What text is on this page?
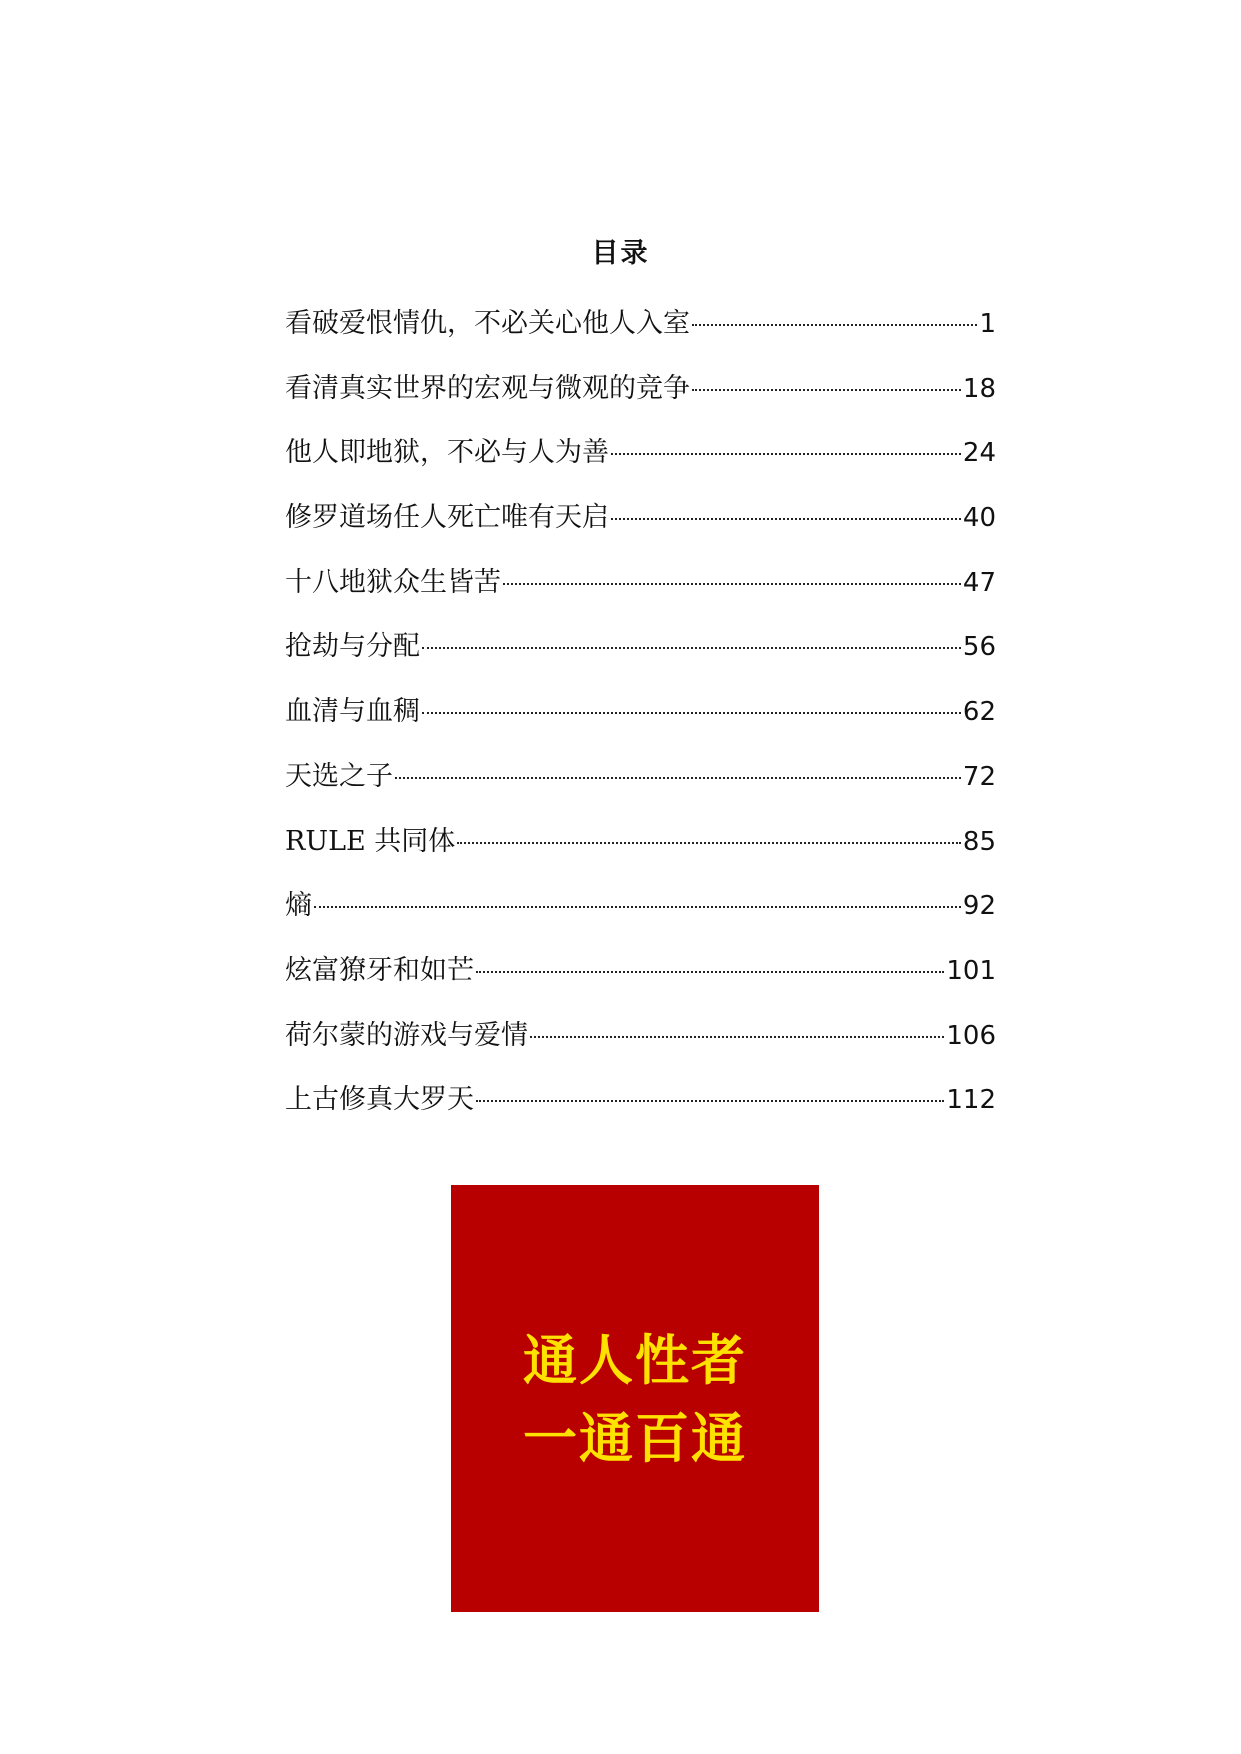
目录
看破爱恨情仇，不必关心他人入室	1
看清真实世界的宏观与微观的竞争	18
他人即地狱，不必与人为善	24
修罗道场任人死亡唯有天启	40
十八地狱众生皆苦	47
抢劫与分配	56
血清与血稠	62
天选之子	72
RULE 共同体	85
熵	92
炫富獠牙和如芒	101
荷尔蒙的游戏与爱情	106
上古修真大罗天	112
通人性者
一通百通
